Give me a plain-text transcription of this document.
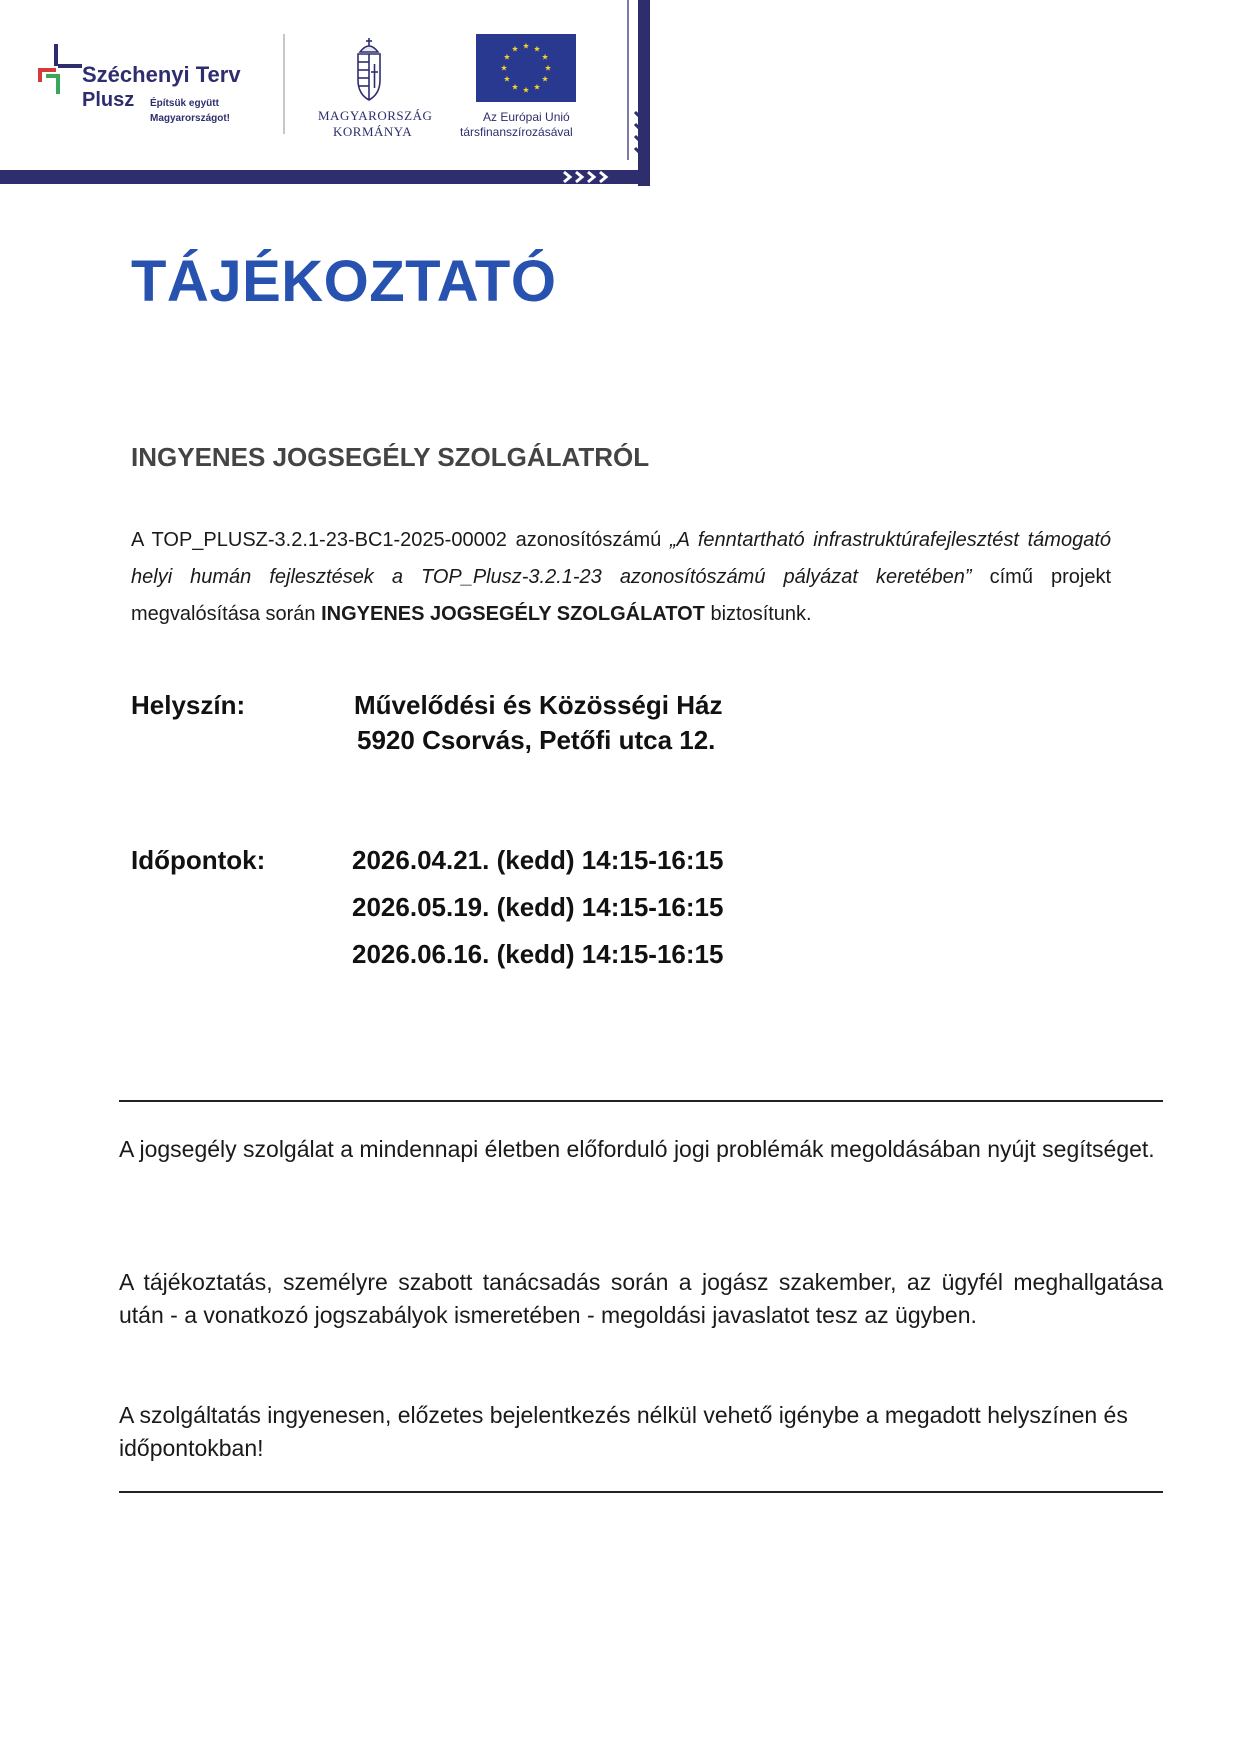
Széchenyi Terv
Plusz Építsük együtt
Magyarországot!	MAGYARORSZÁG
KORMÁNYA
Az Európai Unió
társfinanszírozásával
TÁJÉKOZTATÓ
INGYENES JOGSEGÉLY SZOLGÁLATRÓL
A TOP_PLUSZ-3.2.1-23-BC1-2025-00002 azonosítószámú „A fenntartható infrastruktúrafejlesztést támogató helyi humán fejlesztések a TOP_Plusz-3.2.1-23 azonosítószámú pályázat keretében” című projekt megvalósítása során INGYENES JOGSEGÉLY SZOLGÁLATOT biztosítunk.
Helyszín:	Művelődési és Közösségi Ház
5920 Csorvás, Petőfi utca 12.
Időpontok:	2026.04.21. (kedd) 14:15-16:15
2026.05.19. (kedd) 14:15-16:15
2026.06.16. (kedd) 14:15-16:15
A jogsegély szolgálat a mindennapi életben előforduló jogi problémák megoldásában nyújt segítséget.
A tájékoztatás, személyre szabott tanácsadás során a jogász szakember, az ügyfél meghallgatása után - a vonatkozó jogszabályok ismeretében - megoldási javaslatot tesz az ügyben.
A szolgáltatás ingyenesen, előzetes bejelentkezés nélkül vehető igénybe a megadott helyszínen és időpontokban!
